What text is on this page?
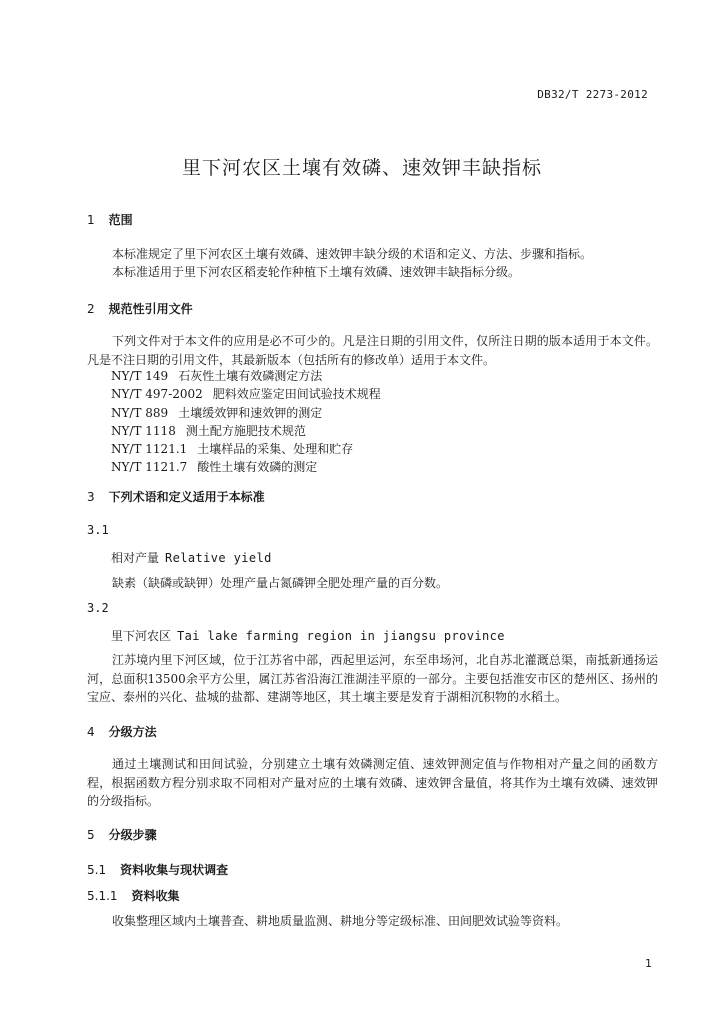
DB32/T 2273-2012
里下河农区土壤有效磷、速效钾丰缺指标
1 范围

本标准规定了里下河农区土壤有效磷、速效钾丰缺分级的术语和定义、方法、步骤和指标。

本标准适用于里下河农区稻麦轮作种植下土壤有效磷、速效钾丰缺指标分级。

2 规范性引用文件

下列文件对于本文件的应用是必不可少的。凡是注日期的引用文件，仅所注日期的版本适用于本文件。凡是不注日期的引用文件，其最新版本（包括所有的修改单）适用于本文件。

NY/T 149 石灰性土壤有效磷测定方法
NY/T 497-2002 肥料效应鉴定田间试验技术规程
NY/T 889 土壤缓效钾和速效钾的测定
NY/T 1118 测土配方施肥技术规范
NY/T 1121.1 土壤样品的采集、处理和贮存
NY/T 1121.7 酸性土壤有效磷的测定
3 下列术语和定义适用于本标准
3.1
相对产量 Relative yield

缺素（缺磷或缺钾）处理产量占氮磷钾全肥处理产量的百分数。

3.2
里下河农区 Tai lake farming region in jiangsu province

江苏境内里下河区域，位于江苏省中部，西起里运河，东至串场河，北自苏北灌溉总渠，南抵新通扬运河，总面积13500余平方公里，属江苏省沿海江淮湖洼平原的一部分。主要包括淮安市区的楚州区、扬州的宝应、泰州的兴化、盐城的盐都、建湖等地区，其土壤主要是发育于湖相沉积物的水稻土。

4 分级方法

通过土壤测试和田间试验，分别建立土壤有效磷测定值、速效钾测定值与作物相对产量之间的函数方程，根据函数方程分别求取不同相对产量对应的土壤有效磷、速效钾含量值，将其作为土壤有效磷、速效钾的分级指标。

5 分级步骤
5.1 资料收集与现状调查
5.1.1 资料收集

收集整理区域内土壤普查、耕地质量监测、耕地分等定级标准、田间肥效试验等资料。

1
